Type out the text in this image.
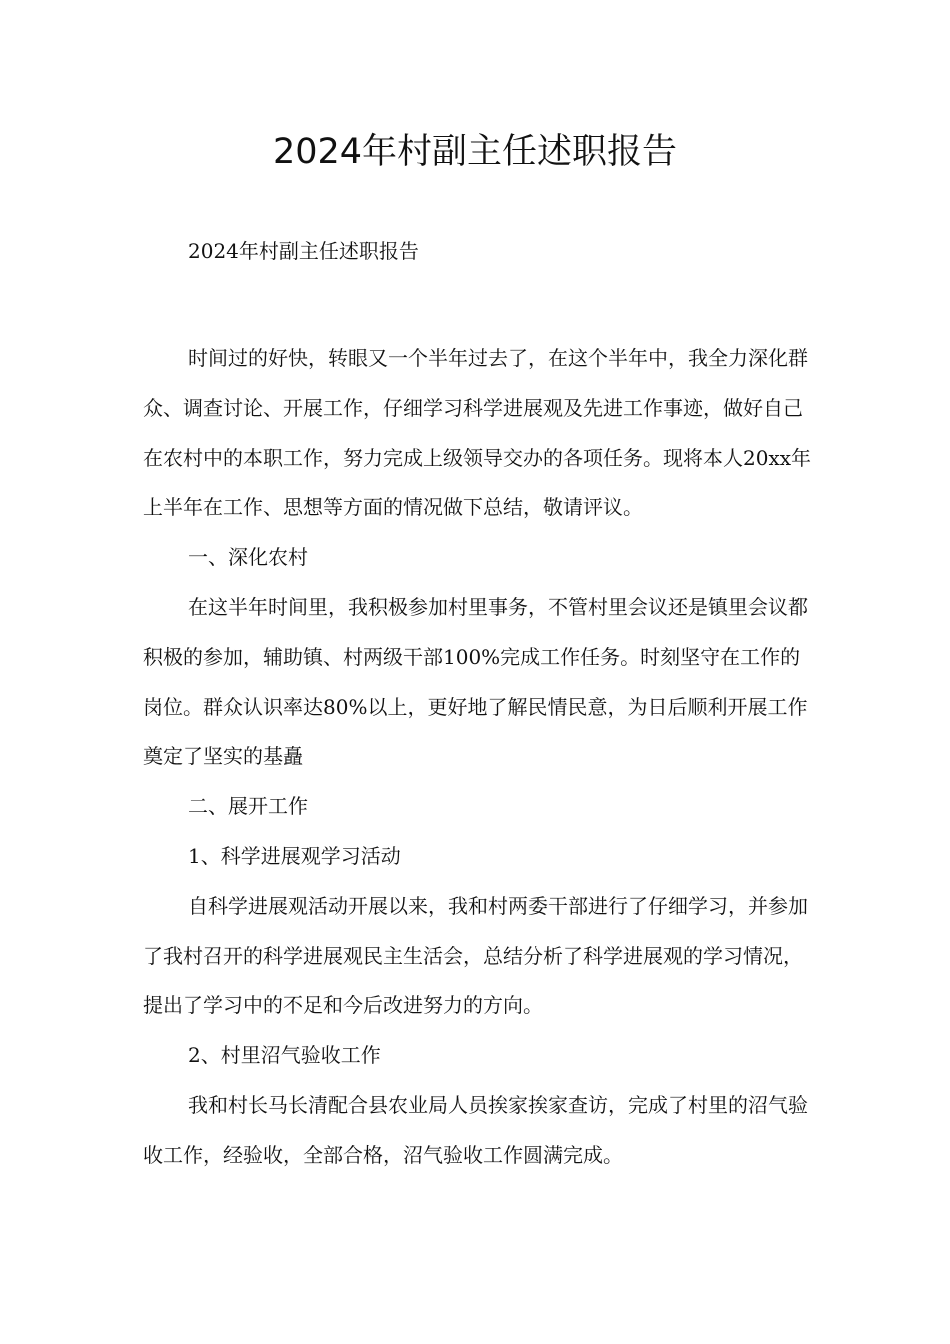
2024年村副主任述职报告

2024年村副主任述职报告

时间过的好快，转眼又一个半年过去了，在这个半年中，我全力深化群众、调查讨论、开展工作，仔细学习科学进展观及先进工作事迹，做好自己在农村中的本职工作，努力完成上级领导交办的各项任务。现将本人20xx年上半年在工作、思想等方面的情况做下总结，敬请评议。

一、深化农村

在这半年时间里，我积极参加村里事务，不管村里会议还是镇里会议都积极的参加，辅助镇、村两级干部100%完成工作任务。时刻坚守在工作的岗位。群众认识率达80%以上，更好地了解民情民意，为日后顺利开展工作奠定了坚实的基矗

二、展开工作

1、科学进展观学习活动

自科学进展观活动开展以来，我和村两委干部进行了仔细学习，并参加了我村召开的科学进展观民主生活会，总结分析了科学进展观的学习情况，提出了学习中的不足和今后改进努力的方向。

2、村里沼气验收工作

我和村长马长清配合县农业局人员挨家挨家查访，完成了村里的沼气验收工作，经验收，全部合格，沼气验收工作圆满完成。
